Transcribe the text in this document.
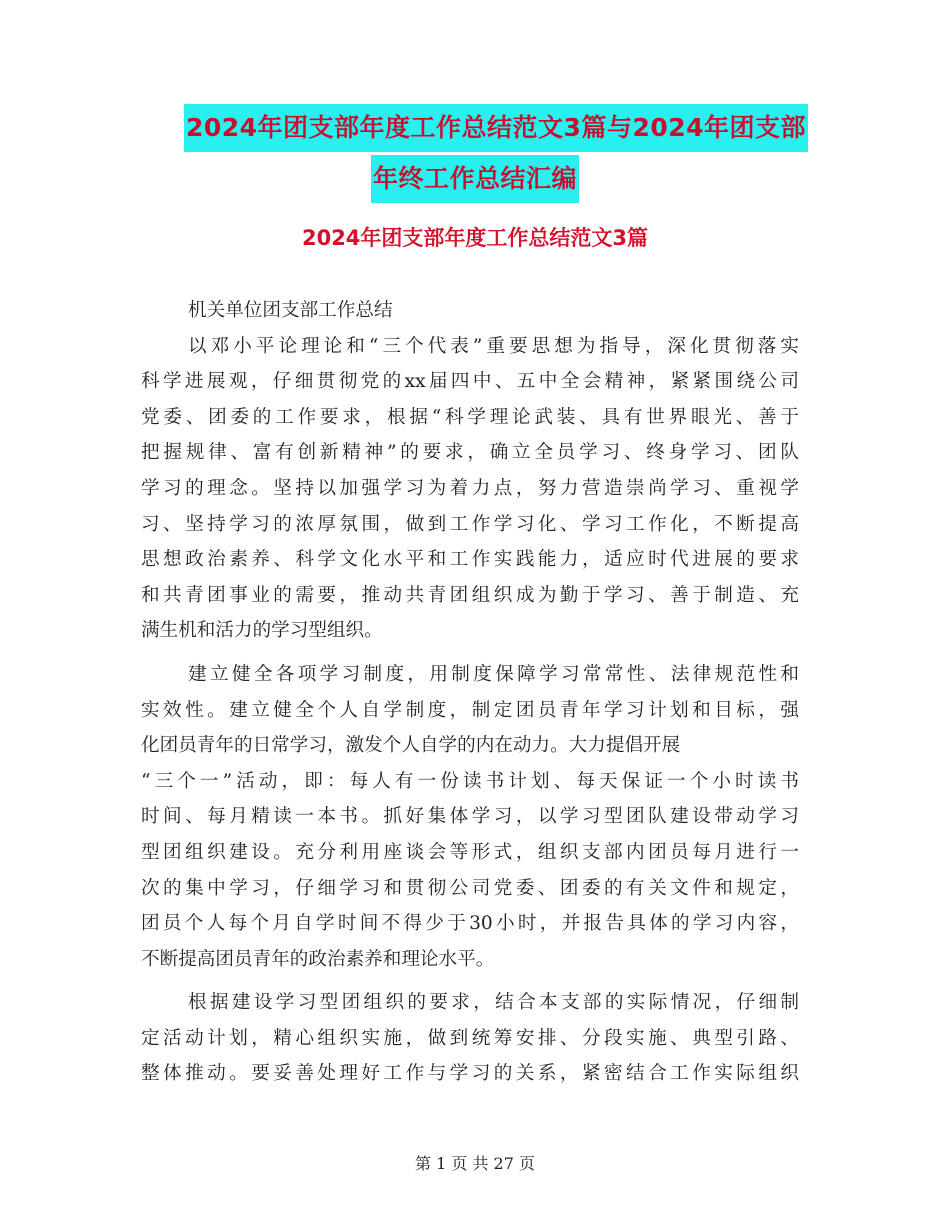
2024年团支部年度工作总结范文3篇与2024年团支部
年终工作总结汇编
2024年团支部年度工作总结范文3篇
机关单位团支部工作总结
以邓小平论理论和“三个代表”重要思想为指导，深化贯彻落实
科学进展观，仔细贯彻党的xx届四中、五中全会精神，紧紧围绕公司
党委、团委的工作要求，根据“科学理论武装、具有世界眼光、善于
把握规律、富有创新精神”的要求，确立全员学习、终身学习、团队
学习的理念。坚持以加强学习为着力点，努力营造崇尚学习、重视学
习、坚持学习的浓厚氛围，做到工作学习化、学习工作化，不断提高
思想政治素养、科学文化水平和工作实践能力，适应时代进展的要求
和共青团事业的需要，推动共青团组织成为勤于学习、善于制造、充
满生机和活力的学习型组织。
建立健全各项学习制度，用制度保障学习常常性、法律规范性和
实效性。建立健全个人自学制度，制定团员青年学习计划和目标，强
化团员青年的日常学习，激发个人自学的内在动力。大力提倡开展
“三个一”活动，即：每人有一份读书计划、每天保证一个小时读书
时间、每月精读一本书。抓好集体学习，以学习型团队建设带动学习
型团组织建设。充分利用座谈会等形式，组织支部内团员每月进行一
次的集中学习，仔细学习和贯彻公司党委、团委的有关文件和规定，
团员个人每个月自学时间不得少于30小时，并报告具体的学习内容，
不断提高团员青年的政治素养和理论水平。
根据建设学习型团组织的要求，结合本支部的实际情况，仔细制
定活动计划，精心组织实施，做到统筹安排、分段实施、典型引路、
整体推动。要妥善处理好工作与学习的关系，紧密结合工作实际组织
第 1 页 共 27 页
